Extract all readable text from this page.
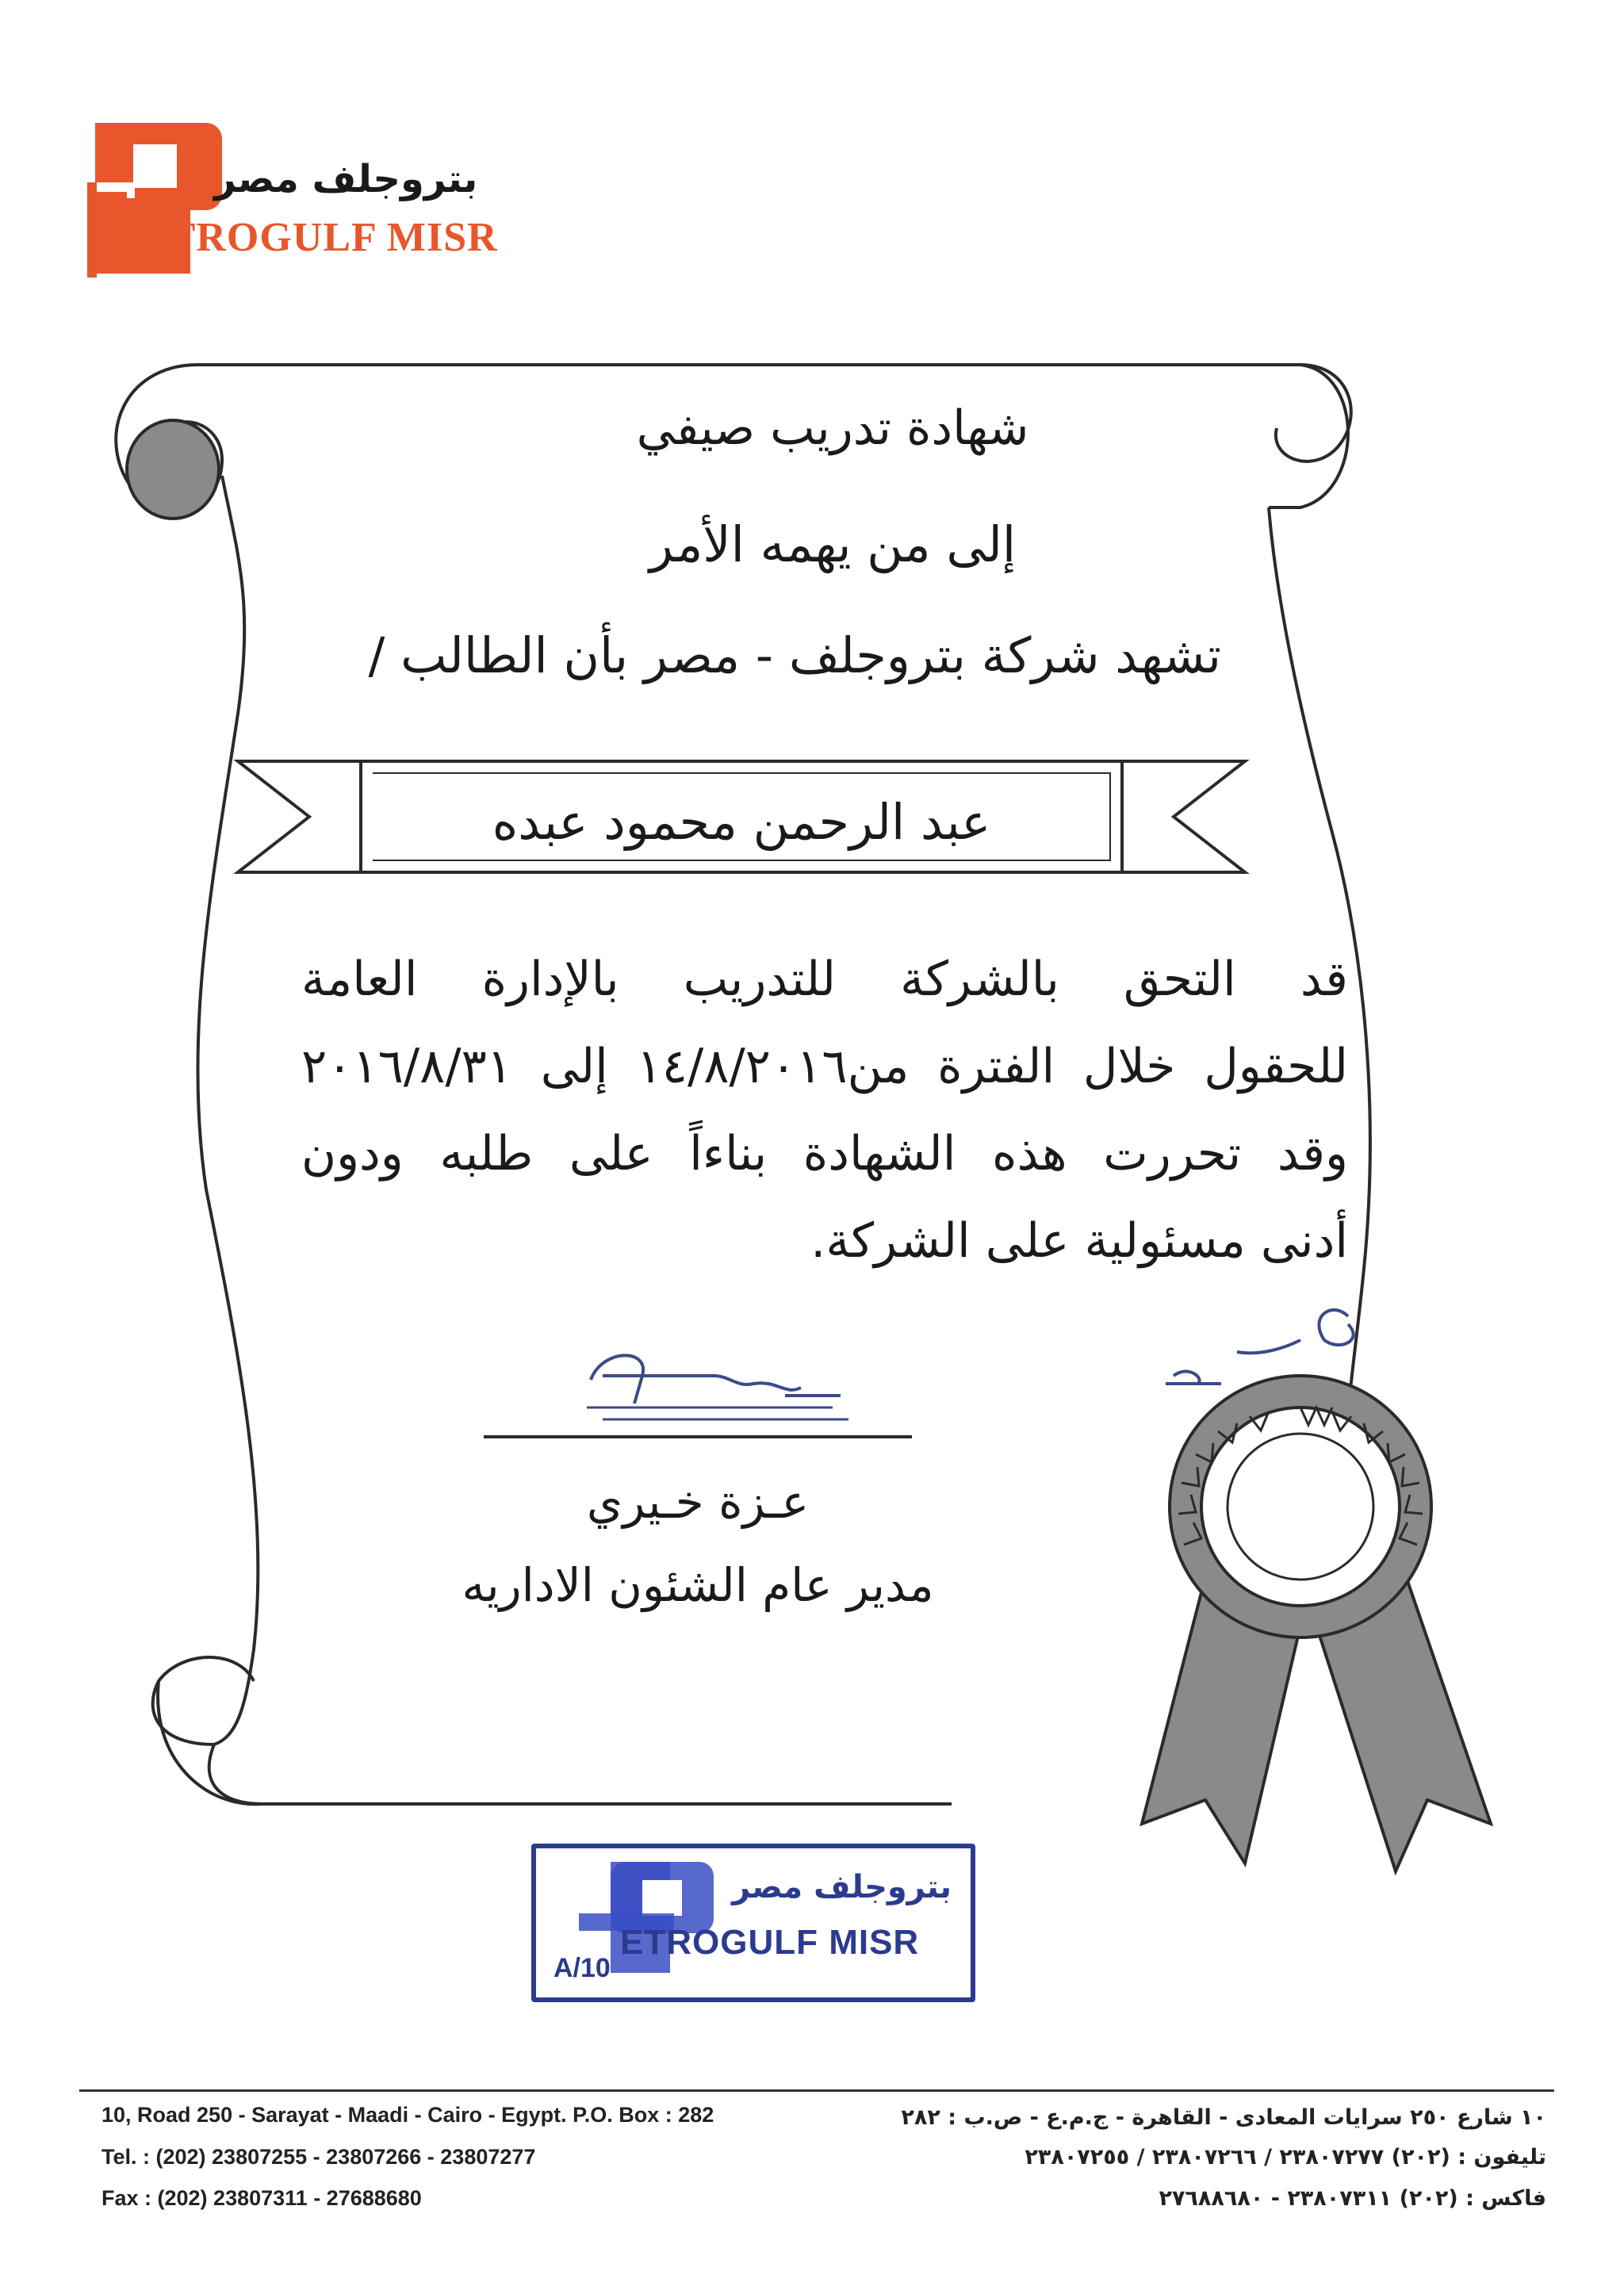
بتروجلف مصر
ETROGULF MISR
شهادة تدريب صيفي
إلى من يهمه الأمر
تشهد شركة بتروجلف - مصر بأن الطالب /
عبد الرحمن محمود عبده
قد التحق بالشركة للتدريب بالإدارة العامة
للحقول خلال الفترة من١٤/٨/٢٠١٦ إلى ٢٠١٦/٨/٣١
وقد تحررت هذه الشهادة بناءاً على طلبه ودون
أدنى مسئولية على الشركة.
عـزة خـيري
مدير عام الشئون الاداريه
بتروجلف مصر
ETROGULF MISR
A/10
10, Road 250 - Sarayat - Maadi - Cairo - Egypt. P.O. Box : 282
Tel. : (202) 23807255 - 23807266 - 23807277
Fax : (202) 23807311 - 27688680
١٠ شارع ٢٥٠ سرايات المعادى - القاهرة - ج.م.ع - ص.ب : ٢٨٢
تليفون : (٢٠٢) ٢٣٨٠٧٢٧٧ / ٢٣٨٠٧٢٦٦ / ٢٣٨٠٧٢٥٥
فاكس : (٢٠٢) ٢٣٨٠٧٣١١ - ٢٧٦٨٨٦٨٠
